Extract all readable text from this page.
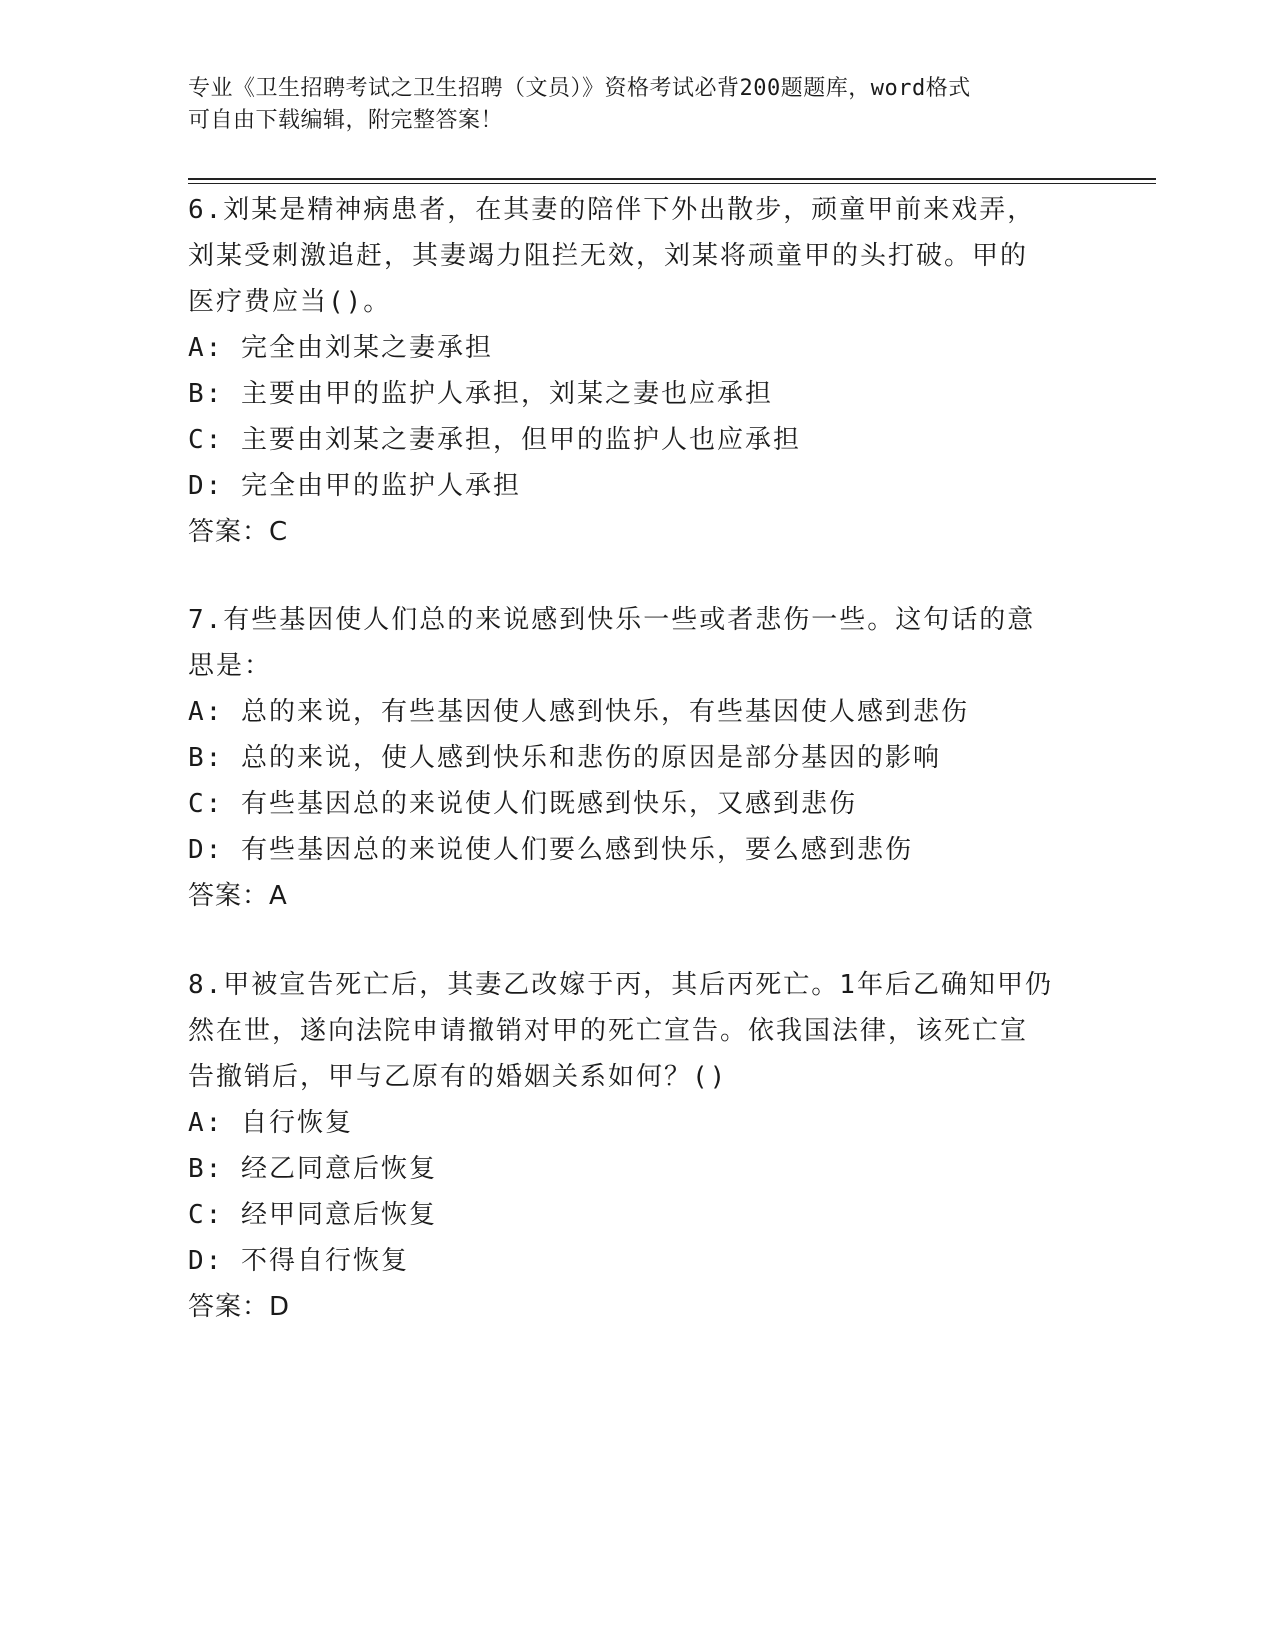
专业《卫生招聘考试之卫生招聘（文员）》资格考试必背200题题库，word格式
可自由下载编辑，附完整答案！
6.刘某是精神病患者，在其妻的陪伴下外出散步，顽童甲前来戏弄，
刘某受刺激追赶，其妻竭力阻拦无效，刘某将顽童甲的头打破。甲的
医疗费应当()。
A: 完全由刘某之妻承担
B: 主要由甲的监护人承担，刘某之妻也应承担
C: 主要由刘某之妻承担，但甲的监护人也应承担
D: 完全由甲的监护人承担
答案：C
7.有些基因使人们总的来说感到快乐一些或者悲伤一些。这句话的意
思是：
A: 总的来说，有些基因使人感到快乐，有些基因使人感到悲伤
B: 总的来说，使人感到快乐和悲伤的原因是部分基因的影响
C: 有些基因总的来说使人们既感到快乐，又感到悲伤
D: 有些基因总的来说使人们要么感到快乐，要么感到悲伤
答案：A
8.甲被宣告死亡后，其妻乙改嫁于丙，其后丙死亡。1年后乙确知甲仍
然在世，遂向法院申请撤销对甲的死亡宣告。依我国法律，该死亡宣
告撤销后，甲与乙原有的婚姻关系如何？()
A: 自行恢复
B: 经乙同意后恢复
C: 经甲同意后恢复
D: 不得自行恢复
答案：D
